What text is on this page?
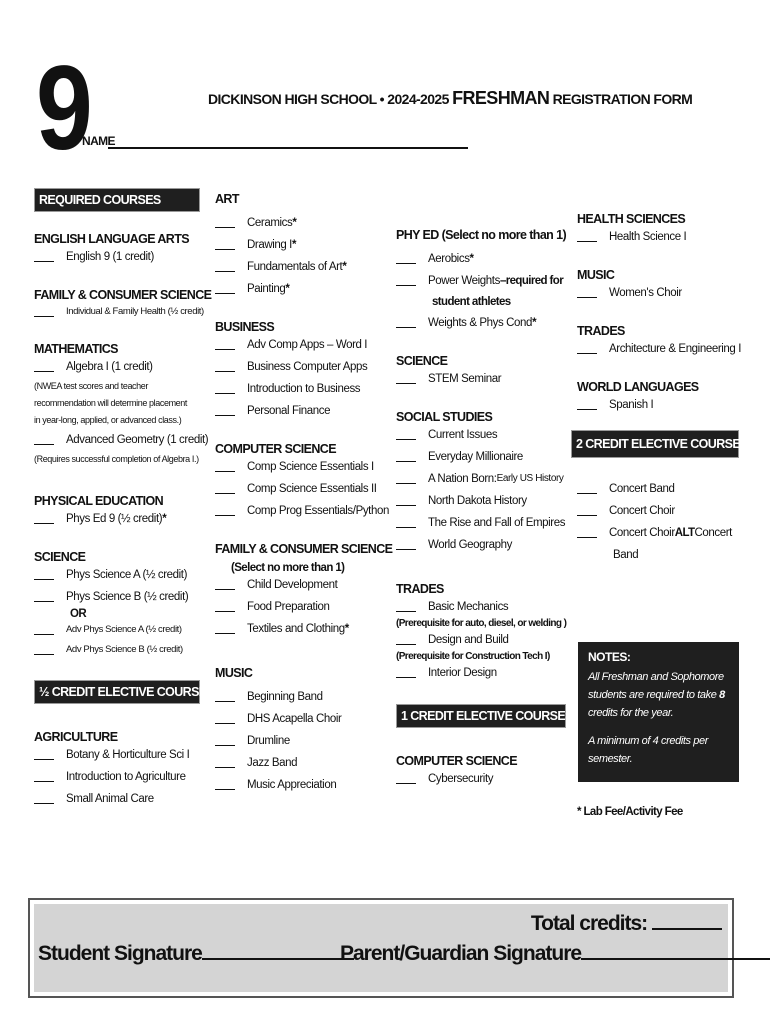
9	DICKINSON HIGH SCHOOL • 2024-2025 FRESHMAN REGISTRATION FORM
NAME
REQUIRED COURSES
ENGLISH LANGUAGE ARTS
English 9 (1 credit)
FAMILY & CONSUMER SCIENCE
Individual & Family Health (½ credit)
MATHEMATICS
Algebra I (1 credit)
(NWEA test scores and teacher recommendation will determine placement in year-long, applied, or advanced class.)
Advanced Geometry (1 credit)
(Requires successful completion of Algebra I.)
PHYSICAL EDUCATION
Phys Ed 9 (½ credit) *
SCIENCE
Phys Science A (½ credit)
Phys Science B (½ credit)
OR
Adv Phys Science A (½ credit)
Adv Phys Science B (½ credit)
½ CREDIT ELECTIVE COURSES
AGRICULTURE
Botany & Horticulture Sci I
Introduction to Agriculture
Small Animal Care
ART
Ceramics *
Drawing I *
Fundamentals of Art *
Painting *
BUSINESS
Adv Comp Apps – Word I
Business Computer Apps
Introduction to Business
Personal Finance
COMPUTER SCIENCE
Comp Science Essentials I
Comp Science Essentials II
Comp Prog Essentials/Python
FAMILY & CONSUMER SCIENCE
(Select no more than 1)
Child Development
Food Preparation
Textiles and Clothing *
MUSIC
Beginning Band
DHS Acapella Choir
Drumline
Jazz Band
Music Appreciation
PHY ED (Select no more than 1)
Aerobics *
Power Weights –required for
student athletes
Weights & Phys Cond *
SCIENCE
STEM Seminar
SOCIAL STUDIES
Current Issues
Everyday Millionaire
A Nation Born: Early US History
North Dakota History
The Rise and Fall of Empires
World Geography
TRADES
Basic Mechanics
(Prerequisite for auto, diesel, or welding )
Design and Build
(Prerequisite for Construction Tech I)
Interior Design
1 CREDIT ELECTIVE COURSES
COMPUTER SCIENCE
Cybersecurity
HEALTH SCIENCES
Health Science I
MUSIC
Women's Choir
TRADES
Architecture & Engineering I
WORLD LANGUAGES
Spanish I
2 CREDIT ELECTIVE COURSES
Concert Band
Concert Choir
Concert Choir ALT Concert
Band
NOTES:
All Freshman and Sophomore students are required to take 8 credits for the year.
A minimum of 4 credits per semester.
* Lab Fee/Activity Fee
Total credits:
Student Signature	Parent/Guardian Signature
